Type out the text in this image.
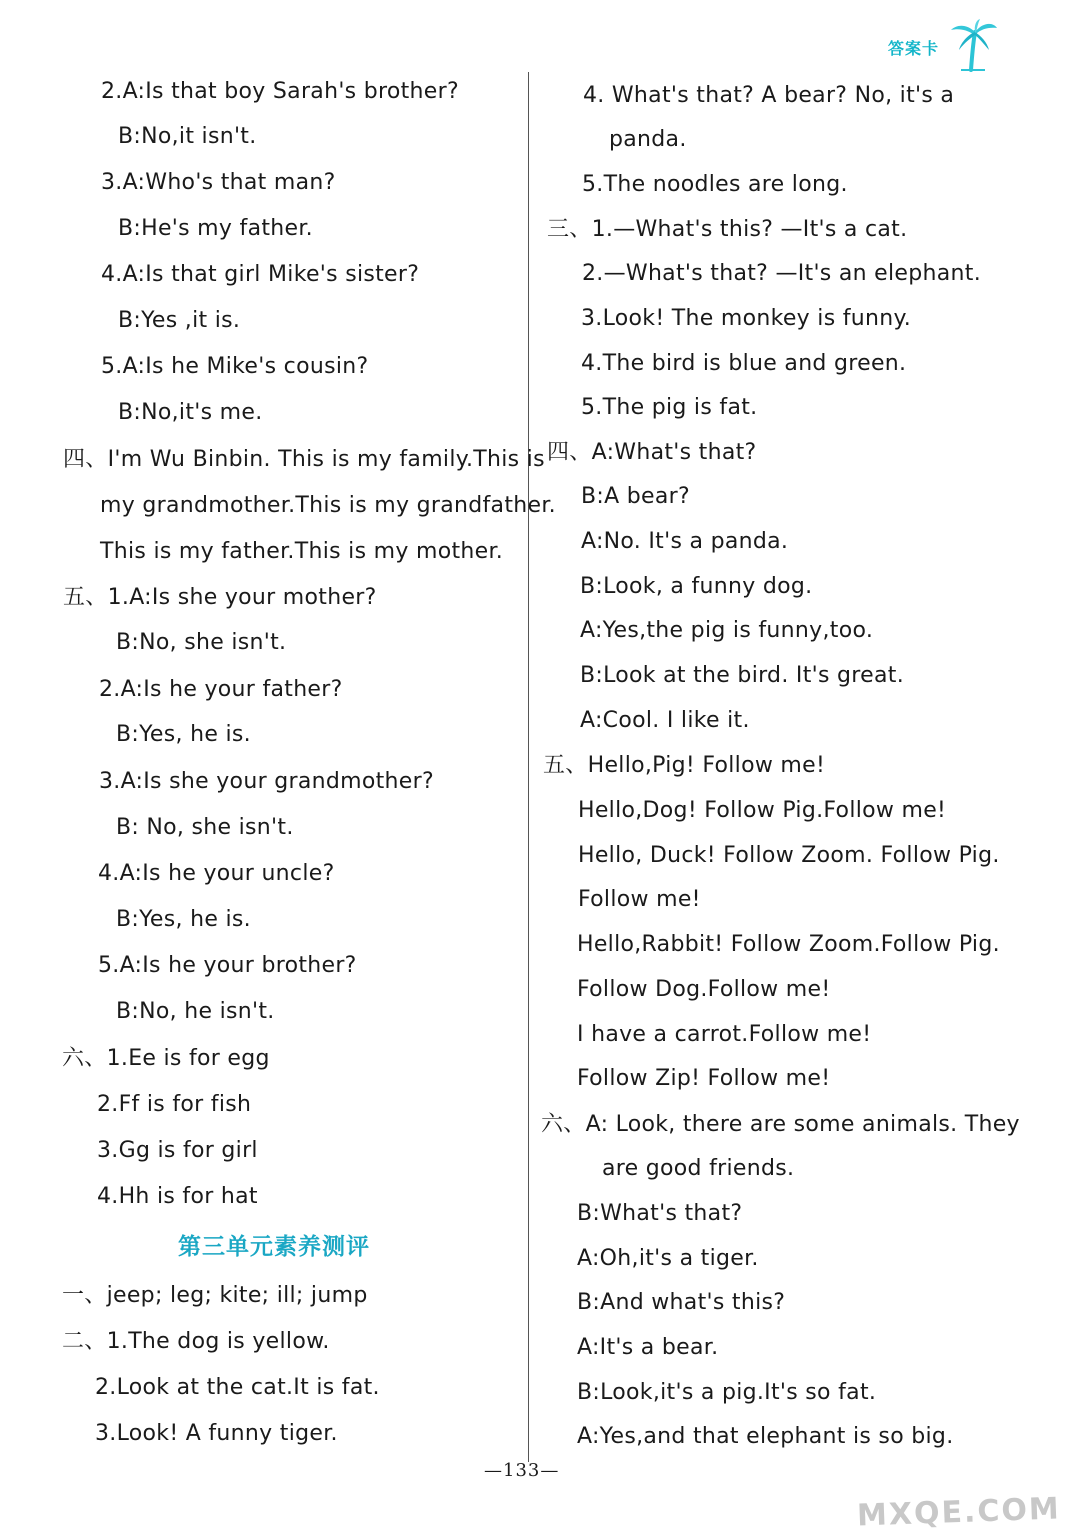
答案卡
2.A:Is that boy Sarah's brother?
B:No,it isn't.
3.A:Who's that man?
B:He's my father.
4.A:Is that girl Mike's sister?
B:Yes ,it is.
5.A:Is he Mike's cousin?
B:No,it's me.
四、I'm Wu Binbin. This is my family.This is
my grandmother.This is my grandfather.
This is my father.This is my mother.
五、1.A:Is she your mother?
B:No, she isn't.
2.A:Is he your father?
B:Yes, he is.
3.A:Is she your grandmother?
B: No, she isn't.
4.A:Is he your uncle?
B:Yes, he is.
5.A:Is he your brother?
B:No, he isn't.
六、1.Ee is for egg
2.Ff is for fish
3.Gg is for girl
4.Hh is for hat
第三单元素养测评
一、jeep; leg; kite; ill; jump
二、1.The dog is yellow.
2.Look at the cat.It is fat.
3.Look! A funny tiger.
4. What's that? A bear? No, it's a
panda.
5.The noodles are long.
三、1.—What's this? —It's a cat.
2.—What's that? —It's an elephant.
3.Look! The monkey is funny.
4.The bird is blue and green.
5.The pig is fat.
四、A:What's that?
B:A bear?
A:No. It's a panda.
B:Look, a funny dog.
A:Yes,the pig is funny,too.
B:Look at the bird. It's great.
A:Cool. I like it.
五、Hello,Pig! Follow me!
Hello,Dog! Follow Pig.Follow me!
Hello, Duck! Follow Zoom. Follow Pig.
Follow me!
Hello,Rabbit! Follow Zoom.Follow Pig.
Follow Dog.Follow me!
I have a carrot.Follow me!
Follow Zip! Follow me!
六、A: Look, there are some animals. They
are good friends.
B:What's that?
A:Oh,it's a tiger.
B:And what's this?
A:It's a bear.
B:Look,it's a pig.It's so fat.
A:Yes,and that elephant is so big.
—133—
MXQE.COM
